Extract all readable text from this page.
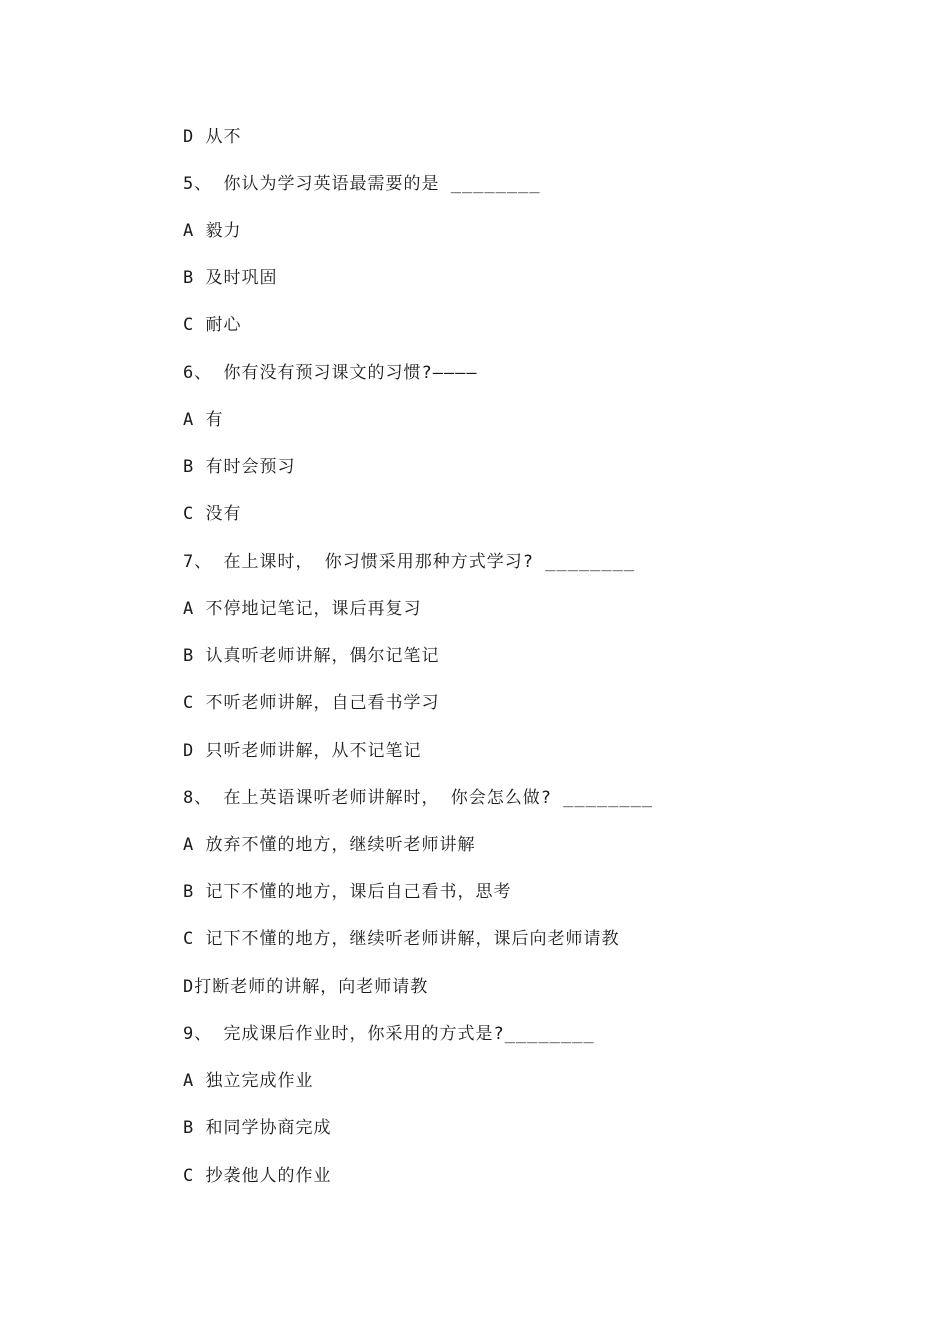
D 从不
5、 你认为学习英语最需要的是 ________
A 毅力
B 及时巩固
C 耐心
6、 你有没有预习课文的习惯?————
A 有
B 有时会预习
C 没有
7、 在上课时， 你习惯采用那种方式学习? ________
A 不停地记笔记，课后再复习
B 认真听老师讲解，偶尔记笔记
C 不听老师讲解，自己看书学习
D 只听老师讲解，从不记笔记
8、 在上英语课听老师讲解时， 你会怎么做? ________
A 放弃不懂的地方，继续听老师讲解
B 记下不懂的地方，课后自己看书，思考
C 记下不懂的地方，继续听老师讲解，课后向老师请教
D打断老师的讲解，向老师请教
9、 完成课后作业时，你采用的方式是?________
A 独立完成作业
B 和同学协商完成
C 抄袭他人的作业
